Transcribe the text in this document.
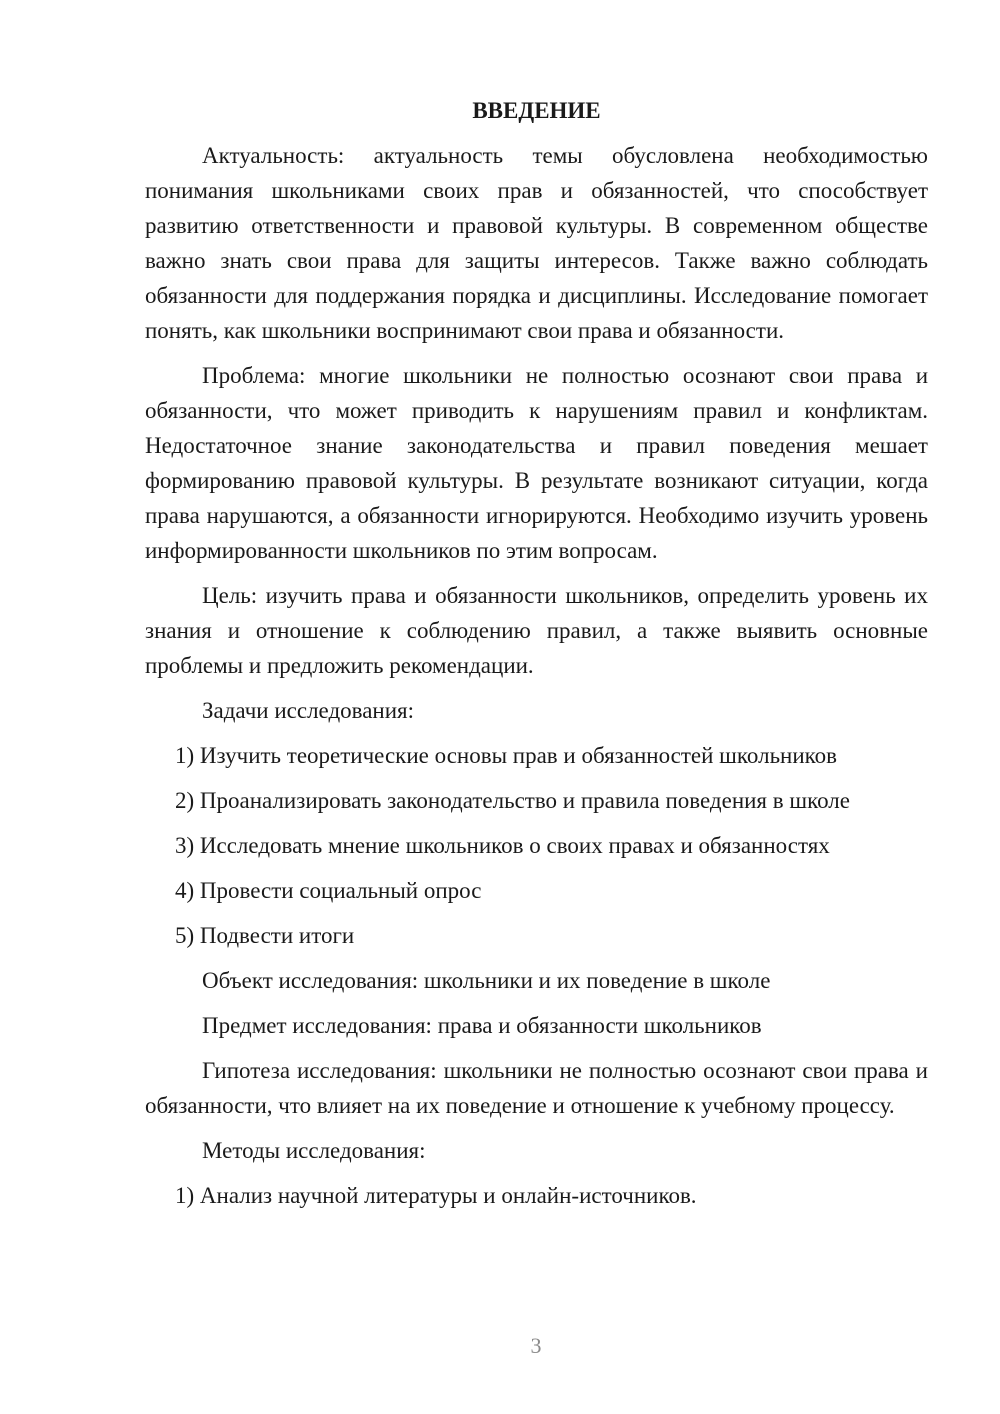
ВВЕДЕНИЕ

Актуальность: актуальность темы обусловлена необходимостью понимания школьниками своих прав и обязанностей, что способствует развитию ответственности и правовой культуры. В современном обществе важно знать свои права для защиты интересов. Также важно соблюдать обязанности для поддержания порядка и дисциплины. Исследование помогает понять, как школьники воспринимают свои права и обязанности.

Проблема: многие школьники не полностью осознают свои права и обязанности, что может приводить к нарушениям правил и конфликтам. Недостаточное знание законодательства и правил поведения мешает формированию правовой культуры. В результате возникают ситуации, когда права нарушаются, а обязанности игнорируются. Необходимо изучить уровень информированности школьников по этим вопросам.

Цель: изучить права и обязанности школьников, определить уровень их знания и отношение к соблюдению правил, а также выявить основные проблемы и предложить рекомендации.

Задачи исследования:

1) Изучить теоретические основы прав и обязанностей школьников
2) Проанализировать законодательство и правила поведения в школе
3) Исследовать мнение школьников о своих правах и обязанностях
4) Провести социальный опрос
5) Подвести итоги

Объект исследования: школьники и их поведение в школе

Предмет исследования: права и обязанности школьников

Гипотеза исследования: школьники не полностью осознают свои права и обязанности, что влияет на их поведение и отношение к учебному процессу.

Методы исследования:

1) Анализ научной литературы и онлайн-источников.
3
